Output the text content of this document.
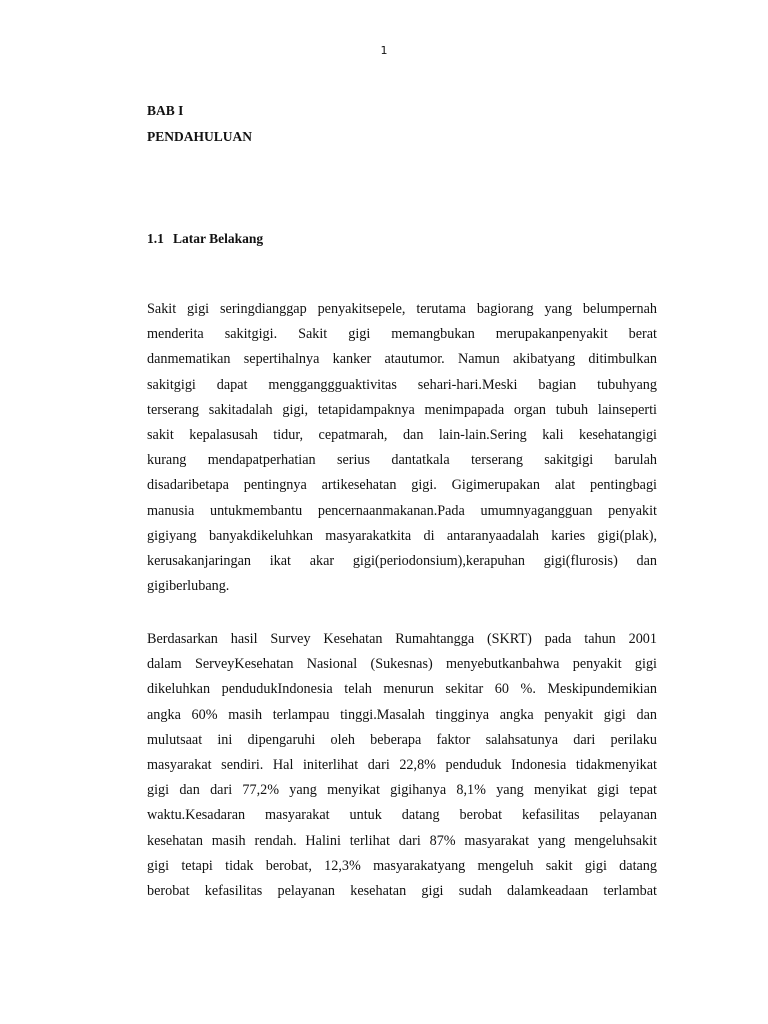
1
BAB I
PENDAHULUAN
1.1 Latar Belakang
Sakit gigi seringdianggap penyakitsepele, terutama bagiorang yang belumpernah
menderita sakitgigi. Sakit gigi memangbukan merupakanpenyakit berat
danmematikan sepertihalnya kanker atautumor. Namun akibatyang ditimbulkan
sakitgigi dapat mengganggguaktivitas sehari-hari.Meski bagian tubuhyang
terserang sakitadalah gigi, tetapidampaknya menimpapada organ tubuh lainseperti
sakit kepalasusah tidur, cepatmarah, dan lain-lain.Sering kali kesehatangigi
kurang mendapatperhatian serius dantatkala terserang sakitgigi barulah
disadaribetapa pentingnya artikesehatan gigi. Gigimerupakan alat pentingbagi
manusia untukmembantu pencernaanmakanan.Pada umumnyagangguan penyakit
gigiyang banyakdikeluhkan masyarakatkita di antaranyaadalah karies gigi(plak),
kerusakanjaringan ikat akar gigi(periodonsium),kerapuhan gigi(flurosis) dan
gigiberlubang.
Berdasarkan hasil Survey Kesehatan Rumahtangga (SKRT) pada tahun 2001
dalam ServeyKesehatan Nasional (Sukesnas) menyebutkanbahwa penyakit gigi
dikeluhkan pendudukIndonesia telah menurun sekitar 60 %. Meskipundemikian
angka 60% masih terlampau tinggi.Masalah tingginya angka penyakit gigi dan
mulutsaat ini dipengaruhi oleh beberapa faktor salahsatunya dari perilaku
masyarakat sendiri. Hal initerlihat dari 22,8% penduduk Indonesia tidakmenyikat
gigi dan dari 77,2% yang menyikat gigihanya 8,1% yang menyikat gigi tepat
waktu.Kesadaran masyarakat untuk datang berobat kefasilitas pelayanan
kesehatan masih rendah. Halini terlihat dari 87% masyarakat yang mengeluhsakit
gigi tetapi tidak berobat, 12,3% masyarakatyang mengeluh sakit gigi datang
berobat kefasilitas pelayanan kesehatan gigi sudah dalamkeadaan terlambat
